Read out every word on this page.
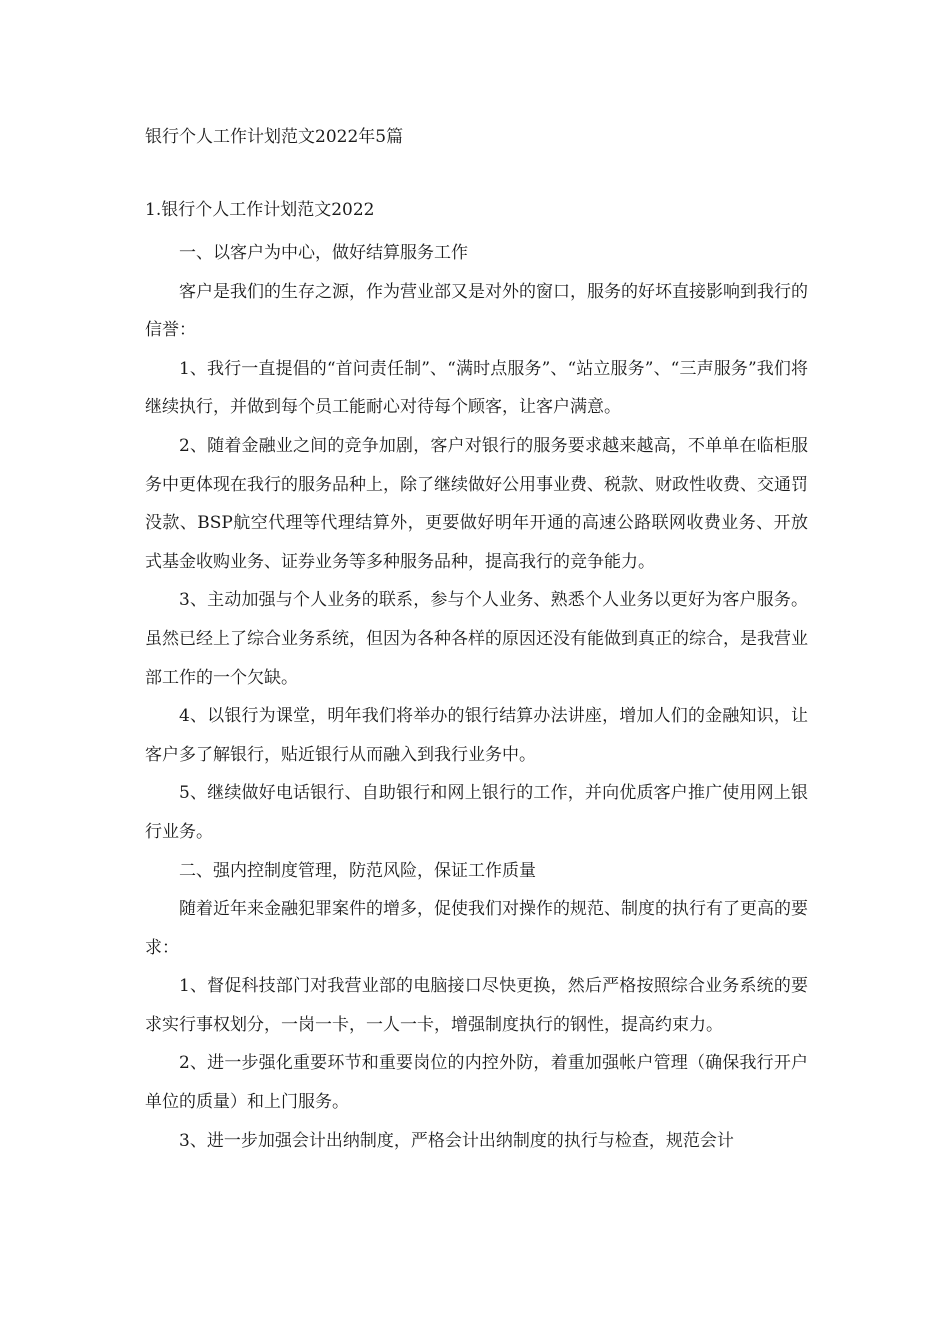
银行个人工作计划范文2022年5篇
1.银行个人工作计划范文2022

一、以客户为中心，做好结算服务工作

客户是我们的生存之源，作为营业部又是对外的窗口，服务的好坏直接影响到我行的信誉：

1、我行一直提倡的“首问责任制”、“满时点服务”、“站立服务”、“三声服务”我们将继续执行，并做到每个员工能耐心对待每个顾客，让客户满意。

2、随着金融业之间的竞争加剧，客户对银行的服务要求越来越高，不单单在临柜服务中更体现在我行的服务品种上，除了继续做好公用事业费、税款、财政性收费、交通罚没款、BSP航空代理等代理结算外，更要做好明年开通的高速公路联网收费业务、开放式基金收购业务、证券业务等多种服务品种，提高我行的竞争能力。

3、主动加强与个人业务的联系，参与个人业务、熟悉个人业务以更好为客户服务。虽然已经上了综合业务系统，但因为各种各样的原因还没有能做到真正的综合，是我营业部工作的一个欠缺。

4、以银行为课堂，明年我们将举办的银行结算办法讲座，增加人们的金融知识，让客户多了解银行，贴近银行从而融入到我行业务中。

5、继续做好电话银行、自助银行和网上银行的工作，并向优质客户推广使用网上银行业务。

二、强内控制度管理，防范风险，保证工作质量

随着近年来金融犯罪案件的增多，促使我们对操作的规范、制度的执行有了更高的要求：

1、督促科技部门对我营业部的电脑接口尽快更换，然后严格按照综合业务系统的要求实行事权划分，一岗一卡，一人一卡，增强制度执行的钢性，提高约束力。

2、进一步强化重要环节和重要岗位的内控外防，着重加强帐户管理（确保我行开户单位的质量）和上门服务。

3、进一步加强会计出纳制度，严格会计出纳制度的执行与检查，规范会计
